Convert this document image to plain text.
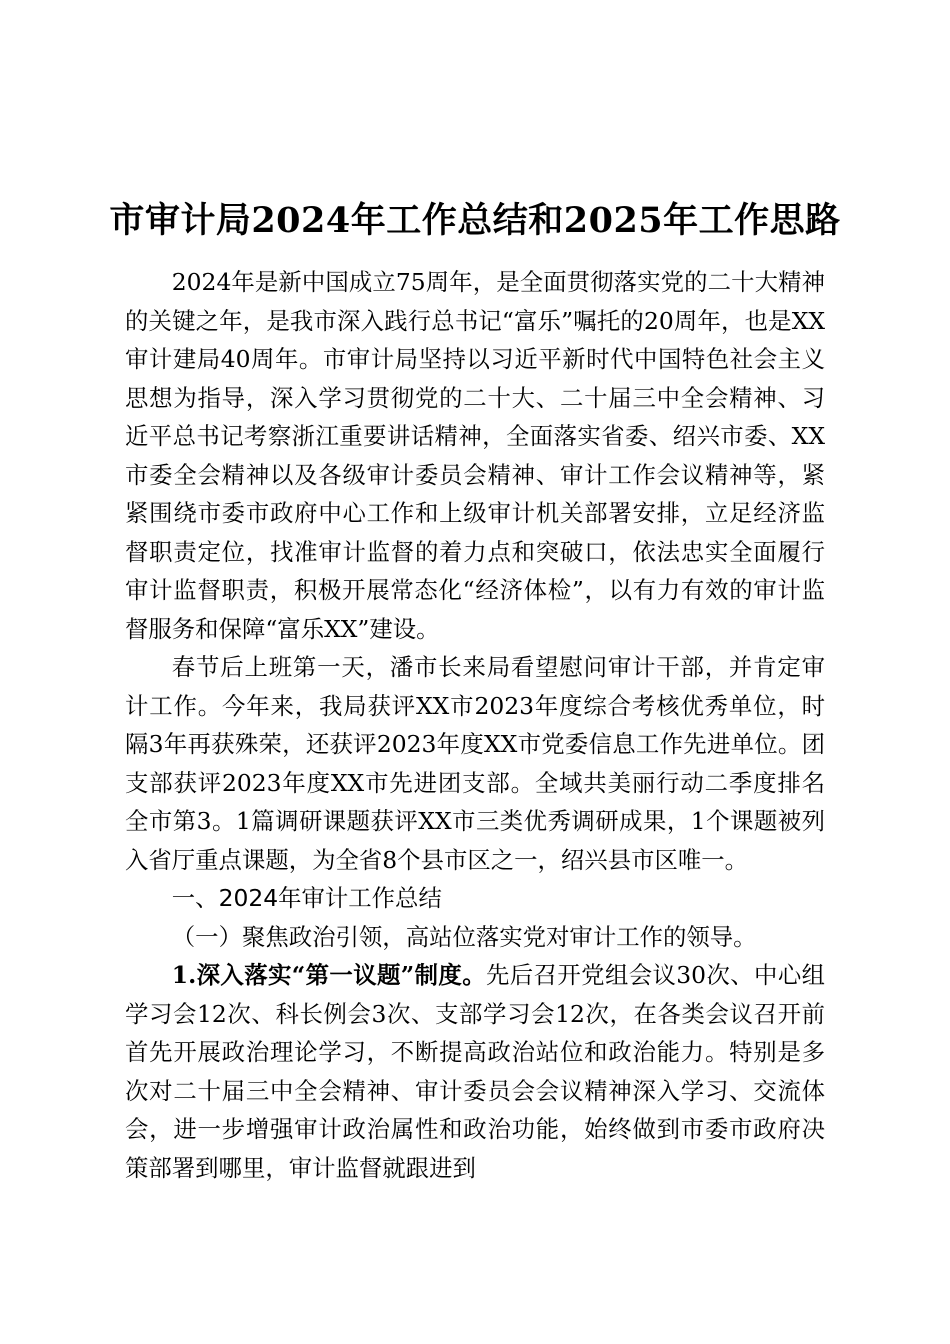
市审计局2024年工作总结和2025年工作思路

2024年是新中国成立75周年，是全面贯彻落实党的二十大精神的关键之年，是我市深入践行总书记“富乐”嘱托的20周年，也是XX审计建局40周年。市审计局坚持以习近平新时代中国特色社会主义思想为指导，深入学习贯彻党的二十大、二十届三中全会精神、习近平总书记考察浙江重要讲话精神，全面落实省委、绍兴市委、XX市委全会精神以及各级审计委员会精神、审计工作会议精神等，紧紧围绕市委市政府中心工作和上级审计机关部署安排，立足经济监督职责定位，找准审计监督的着力点和突破口，依法忠实全面履行审计监督职责，积极开展常态化“经济体检”，以有力有效的审计监督服务和保障“富乐XX”建设。

春节后上班第一天，潘市长来局看望慰问审计干部，并肯定审计工作。今年来，我局获评XX市2023年度综合考核优秀单位，时隔3年再获殊荣，还获评2023年度XX市党委信息工作先进单位。团支部获评2023年度XX市先进团支部。全域共美丽行动二季度排名全市第3。1篇调研课题获评XX市三类优秀调研成果，1个课题被列入省厅重点课题，为全省8个县市区之一，绍兴县市区唯一。

一、2024年审计工作总结

（一）聚焦政治引领，高站位落实党对审计工作的领导。

1.深入落实“第一议题”制度。先后召开党组会议30次、中心组学习会12次、科长例会3次、支部学习会12次，在各类会议召开前首先开展政治理论学习，不断提高政治站位和政治能力。特别是多次对二十届三中全会精神、审计委员会会议精神深入学习、交流体会，进一步增强审计政治属性和政治功能，始终做到市委市政府决策部署到哪里，审计监督就跟进到
